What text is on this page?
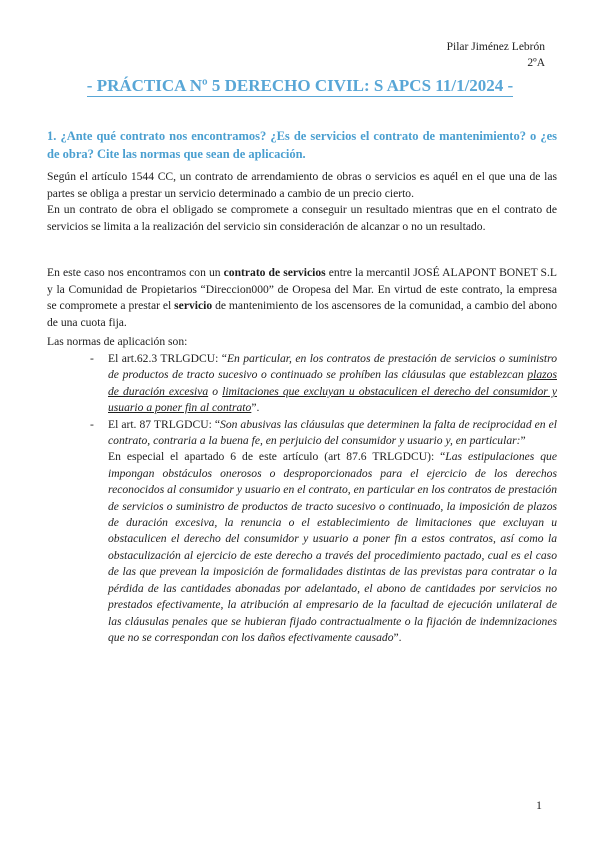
Pilar Jiménez Lebrón
2ºA
- PRÁCTICA Nº 5 DERECHO CIVIL: S APCS 11/1/2024 -
1. ¿Ante qué contrato nos encontramos? ¿Es de servicios el contrato de mantenimiento? o ¿es de obra? Cite las normas que sean de aplicación.
Según el artículo 1544 CC, un contrato de arrendamiento de obras o servicios es aquél en el que una de las partes se obliga a prestar un servicio determinado a cambio de un precio cierto.
En un contrato de obra el obligado se compromete a conseguir un resultado mientras que en el contrato de servicios se limita a la realización del servicio sin consideración de alcanzar o no un resultado.
En este caso nos encontramos con un contrato de servicios entre la mercantil JOSÉ ALAPONT BONET S.L y la Comunidad de Propietarios “Direccion000” de Oropesa del Mar. En virtud de este contrato, la empresa se compromete a prestar el servicio de mantenimiento de los ascensores de la comunidad, a cambio del abono de una cuota fija.
Las normas de aplicación son:
- El art.62.3 TRLGDCU: “En particular, en los contratos de prestación de servicios o suministro de productos de tracto sucesivo o continuado se prohíben las cláusulas que establezcan plazos de duración excesiva o limitaciones que excluyan u obstaculicen el derecho del consumidor y usuario a poner fin al contrato”.
- El art. 87 TRLGDCU: “Son abusivas las cláusulas que determinen la falta de reciprocidad en el contrato, contraria a la buena fe, en perjuicio del consumidor y usuario y, en particular:”
En especial el apartado 6 de este artículo (art 87.6 TRLGDCU): “Las estipulaciones que impongan obstáculos onerosos o desproporcionados para el ejercicio de los derechos reconocidos al consumidor y usuario en el contrato, en particular en los contratos de prestación de servicios o suministro de productos de tracto sucesivo o continuado, la imposición de plazos de duración excesiva, la renuncia o el establecimiento de limitaciones que excluyan u obstaculicen el derecho del consumidor y usuario a poner fin a estos contratos, así como la obstaculización al ejercicio de este derecho a través del procedimiento pactado, cual es el caso de las que prevean la imposición de formalidades distintas de las previstas para contratar o la pérdida de las cantidades abonadas por adelantado, el abono de cantidades por servicios no prestados efectivamente, la atribución al empresario de la facultad de ejecución unilateral de las cláusulas penales que se hubieran fijado contractualmente o la fijación de indemnizaciones que no se correspondan con los daños efectivamente causado”.
1
